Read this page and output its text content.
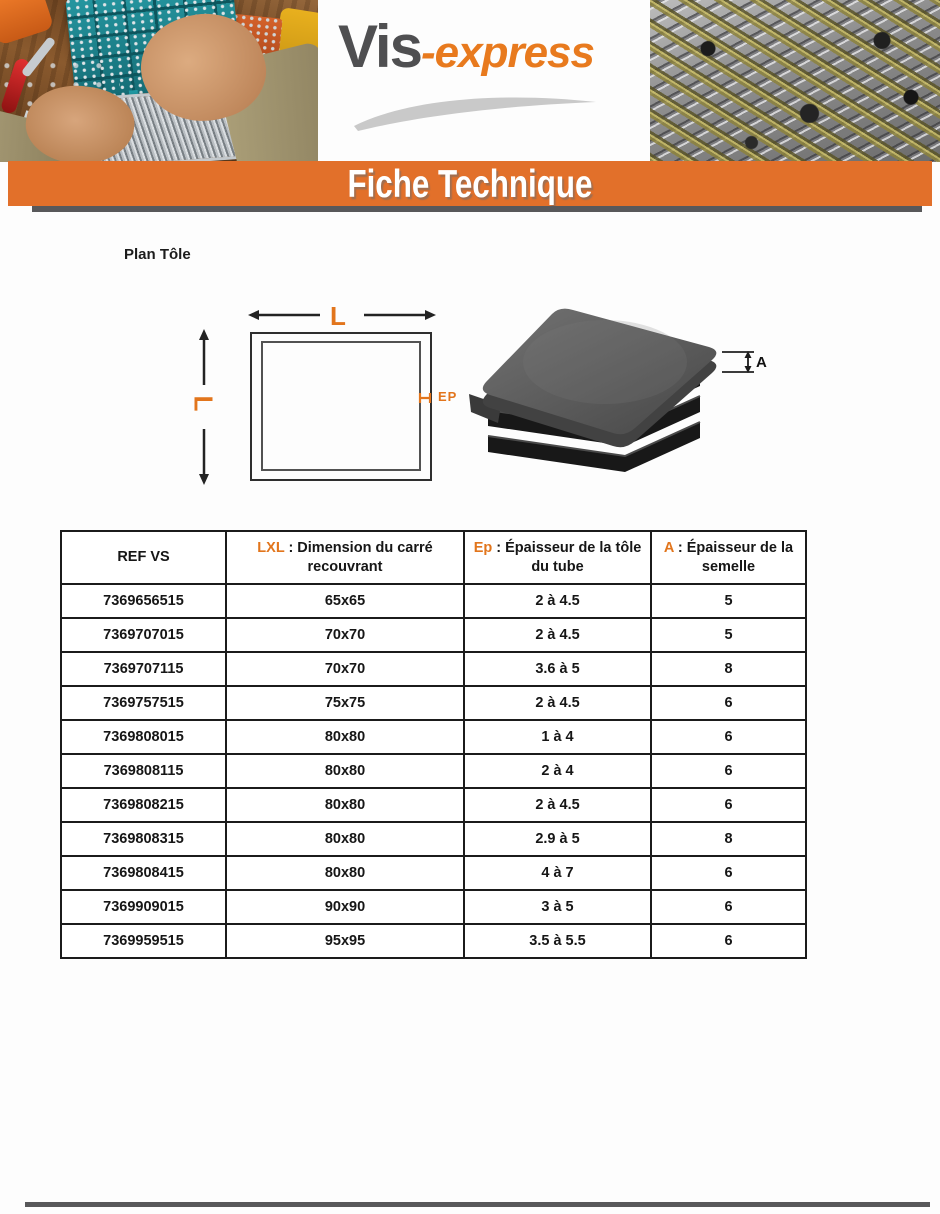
Vis-express
Fiche Technique
Plan Tôle
L
L	EP
A
REF VS	LXL : Dimension du carré recouvrant	Ep : Épaisseur de la tôle du tube	A : Épaisseur de la semelle
7369656515	65x65	2 à 4.5	5
7369707015	70x70	2 à 4.5	5
7369707115	70x70	3.6 à 5	8
7369757515	75x75	2 à 4.5	6
7369808015	80x80	1 à 4	6
7369808115	80x80	2 à 4	6
7369808215	80x80	2 à 4.5	6
7369808315	80x80	2.9 à 5	8
7369808415	80x80	4 à 7	6
7369909015	90x90	3 à 5	6
7369959515	95x95	3.5 à 5.5	6
